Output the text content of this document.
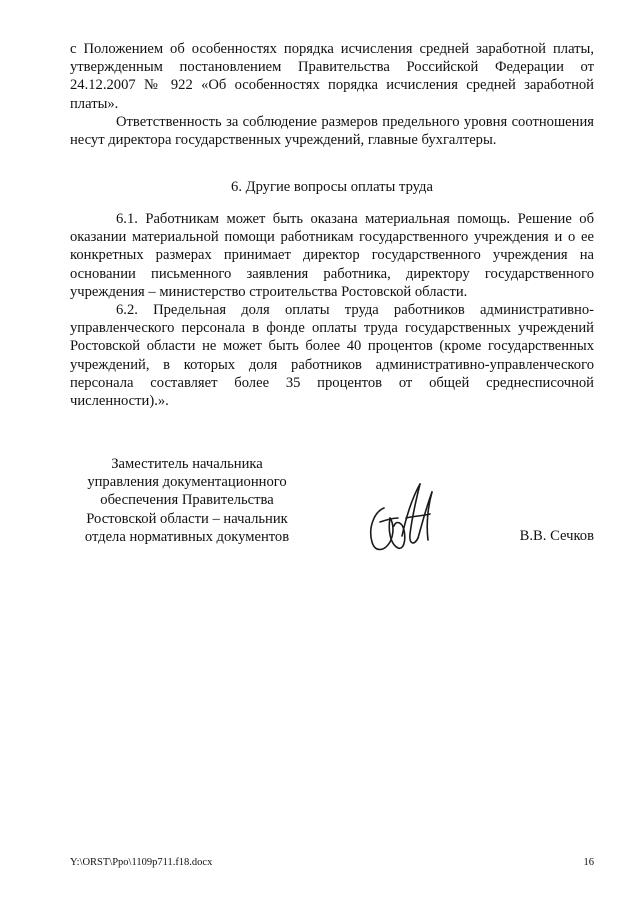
с Положением об особенностях порядка исчисления средней заработной платы, утвержденным постановлением Правительства Российской Федерации от 24.12.2007 № 922 «Об особенностях порядка исчисления средней заработной платы».

Ответственность за соблюдение размеров предельного уровня соотношения несут директора государственных учреждений, главные бухгалтеры.

6. Другие вопросы оплаты труда

6.1. Работникам может быть оказана материальная помощь. Решение об оказании материальной помощи работникам государственного учреждения и о ее конкретных размерах принимает директор государственного учреждения на основании письменного заявления работника, директору государственного учреждения – министерство строительства Ростовской области.

6.2. Предельная доля оплаты труда работников административно-управленческого персонала в фонде оплаты труда государственных учреждений Ростовской области не может быть более 40 процентов (кроме государственных учреждений, в которых доля работников административно-управленческого персонала составляет более 35 процентов от общей среднесписочной численности).».

Заместитель начальника
управления документационного
обеспечения Правительства
Ростовской области – начальник
отдела нормативных документов	В.В. Сечков
Y:\ORST\Ppo\1109p711.f18.docx	16
